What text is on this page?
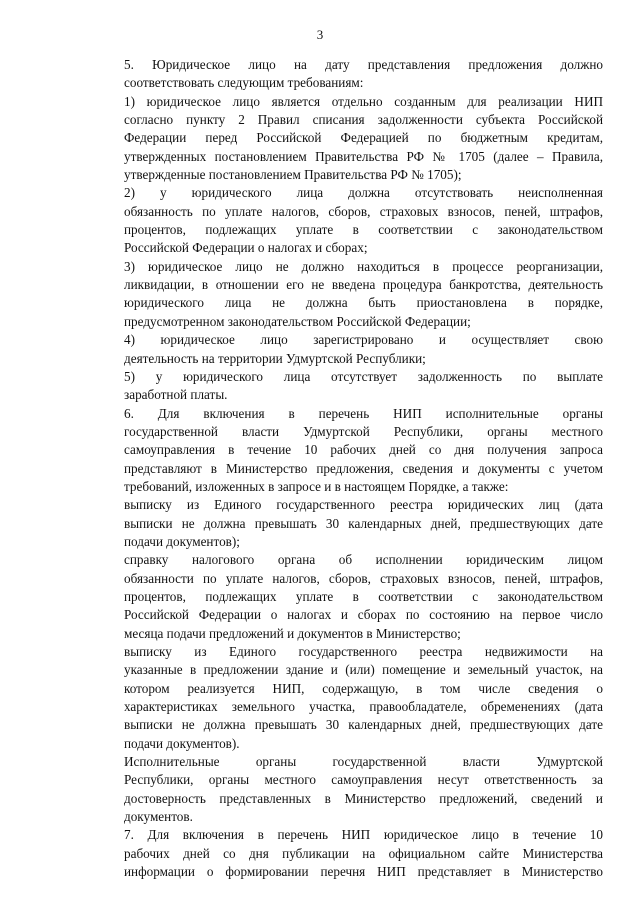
3
5. Юридическое лицо на дату представления предложения должно
соответствовать следующим требованиям:
1) юридическое лицо является отдельно созданным для реализации НИП
согласно пункту 2 Правил списания задолженности субъекта Российской
Федерации перед Российской Федерацией по бюджетным кредитам,
утвержденных постановлением Правительства РФ № 1705 (далее – Правила,
утвержденные постановлением Правительства РФ № 1705);
2) у юридического лица должна отсутствовать неисполненная
обязанность по уплате налогов, сборов, страховых взносов, пеней, штрафов,
процентов, подлежащих уплате в соответствии с законодательством
Российской Федерации о налогах и сборах;
3) юридическое лицо не должно находиться в процессе реорганизации,
ликвидации, в отношении его не введена процедура банкротства, деятельность
юридического лица не должна быть приостановлена в порядке,
предусмотренном законодательством Российской Федерации;
4) юридическое лицо зарегистрировано и осуществляет свою
деятельность на территории Удмуртской Республики;
5) у юридического лица отсутствует задолженность по выплате
заработной платы.
6. Для включения в перечень НИП исполнительные органы
государственной власти Удмуртской Республики, органы местного
самоуправления в течение 10 рабочих дней со дня получения запроса
представляют в Министерство предложения, сведения и документы с учетом
требований, изложенных в запросе и в настоящем Порядке, а также:
выписку из Единого государственного реестра юридических лиц (дата
выписки не должна превышать 30 календарных дней, предшествующих дате
подачи документов);
справку налогового органа об исполнении юридическим лицом
обязанности по уплате налогов, сборов, страховых взносов, пеней, штрафов,
процентов, подлежащих уплате в соответствии с законодательством
Российской Федерации о налогах и сборах по состоянию на первое число
месяца подачи предложений и документов в Министерство;
выписку из Единого государственного реестра недвижимости на
указанные в предложении здание и (или) помещение и земельный участок, на
котором реализуется НИП, содержащую, в том числе сведения о
характеристиках земельного участка, правообладателе, обременениях (дата
выписки не должна превышать 30 календарных дней, предшествующих дате
подачи документов).
Исполнительные органы государственной власти Удмуртской
Республики, органы местного самоуправления несут ответственность за
достоверность представленных в Министерство предложений, сведений и
документов.
7. Для включения в перечень НИП юридическое лицо в течение 10
рабочих дней со дня публикации на официальном сайте Министерства
информации о формировании перечня НИП представляет в Министерство
